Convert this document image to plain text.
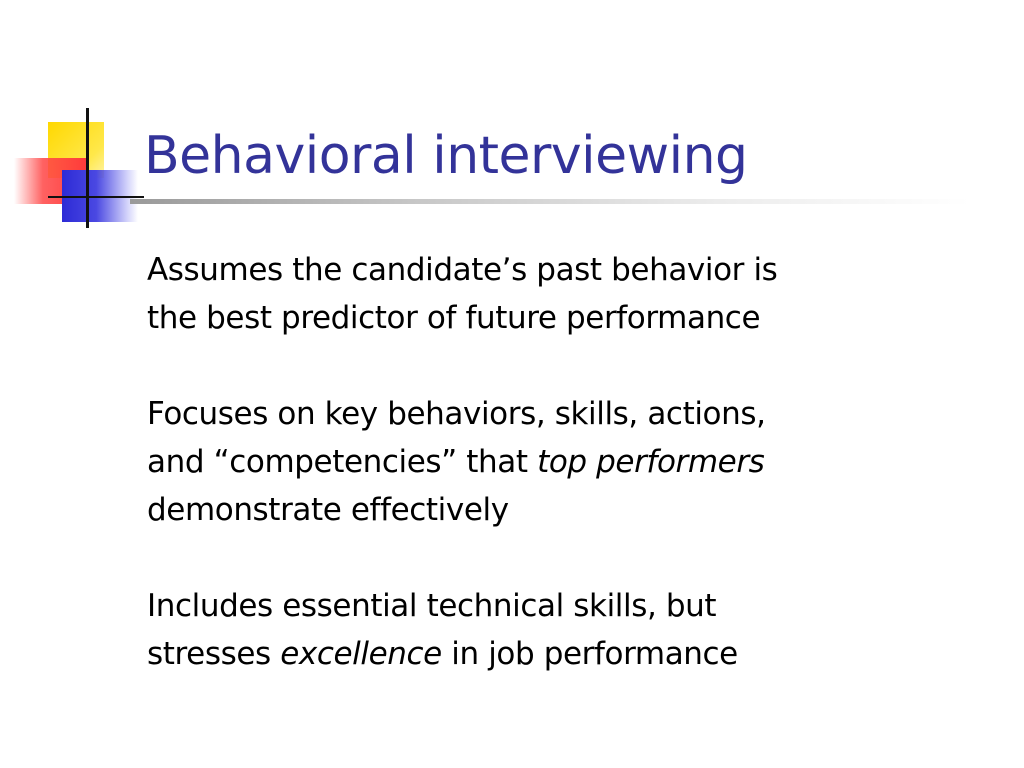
Behavioral interviewing
Assumes the candidate’s past behavior is
the best predictor of future performance
Focuses on key behaviors, skills, actions,
and “competencies” that top performers
demonstrate effectively
Includes essential technical skills, but
stresses excellence in job performance
